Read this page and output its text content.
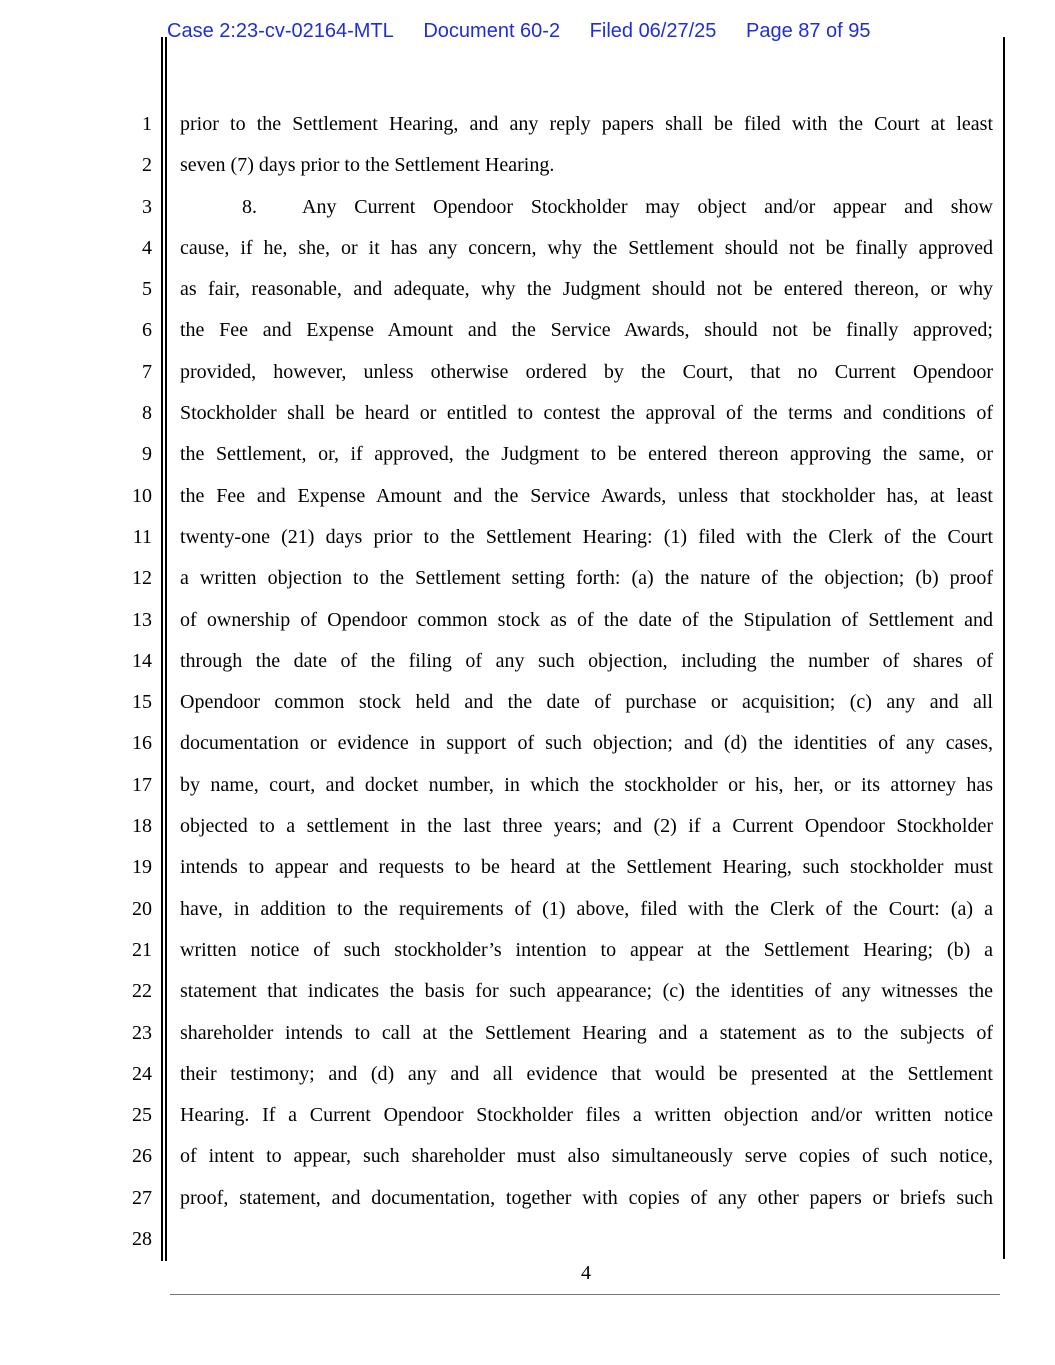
Case 2:23-cv-02164-MTL Document 60-2 Filed 06/27/25 Page 87 of 95
1
2
3
4
5
6
7
8
9
10
11
12
13
14
15
16
17
18
19
20
21
22
23
24
25
26
27
28
prior to the Settlement Hearing, and any reply papers shall be filed with the Court at least
seven (7) days prior to the Settlement Hearing.
8. Any Current Opendoor Stockholder may object and/or appear and show
cause, if he, she, or it has any concern, why the Settlement should not be finally approved
as fair, reasonable, and adequate, why the Judgment should not be entered thereon, or why
the Fee and Expense Amount and the Service Awards, should not be finally approved;
provided, however, unless otherwise ordered by the Court, that no Current Opendoor
Stockholder shall be heard or entitled to contest the approval of the terms and conditions of
the Settlement, or, if approved, the Judgment to be entered thereon approving the same, or
the Fee and Expense Amount and the Service Awards, unless that stockholder has, at least
twenty-one (21) days prior to the Settlement Hearing: (1) filed with the Clerk of the Court
a written objection to the Settlement setting forth: (a) the nature of the objection; (b) proof
of ownership of Opendoor common stock as of the date of the Stipulation of Settlement and
through the date of the filing of any such objection, including the number of shares of
Opendoor common stock held and the date of purchase or acquisition; (c) any and all
documentation or evidence in support of such objection; and (d) the identities of any cases,
by name, court, and docket number, in which the stockholder or his, her, or its attorney has
objected to a settlement in the last three years; and (2) if a Current Opendoor Stockholder
intends to appear and requests to be heard at the Settlement Hearing, such stockholder must
have, in addition to the requirements of (1) above, filed with the Clerk of the Court: (a) a
written notice of such stockholder’s intention to appear at the Settlement Hearing; (b) a
statement that indicates the basis for such appearance; (c) the identities of any witnesses the
shareholder intends to call at the Settlement Hearing and a statement as to the subjects of
their testimony; and (d) any and all evidence that would be presented at the Settlement
Hearing. If a Current Opendoor Stockholder files a written objection and/or written notice
of intent to appear, such shareholder must also simultaneously serve copies of such notice,
proof, statement, and documentation, together with copies of any other papers or briefs such
4
